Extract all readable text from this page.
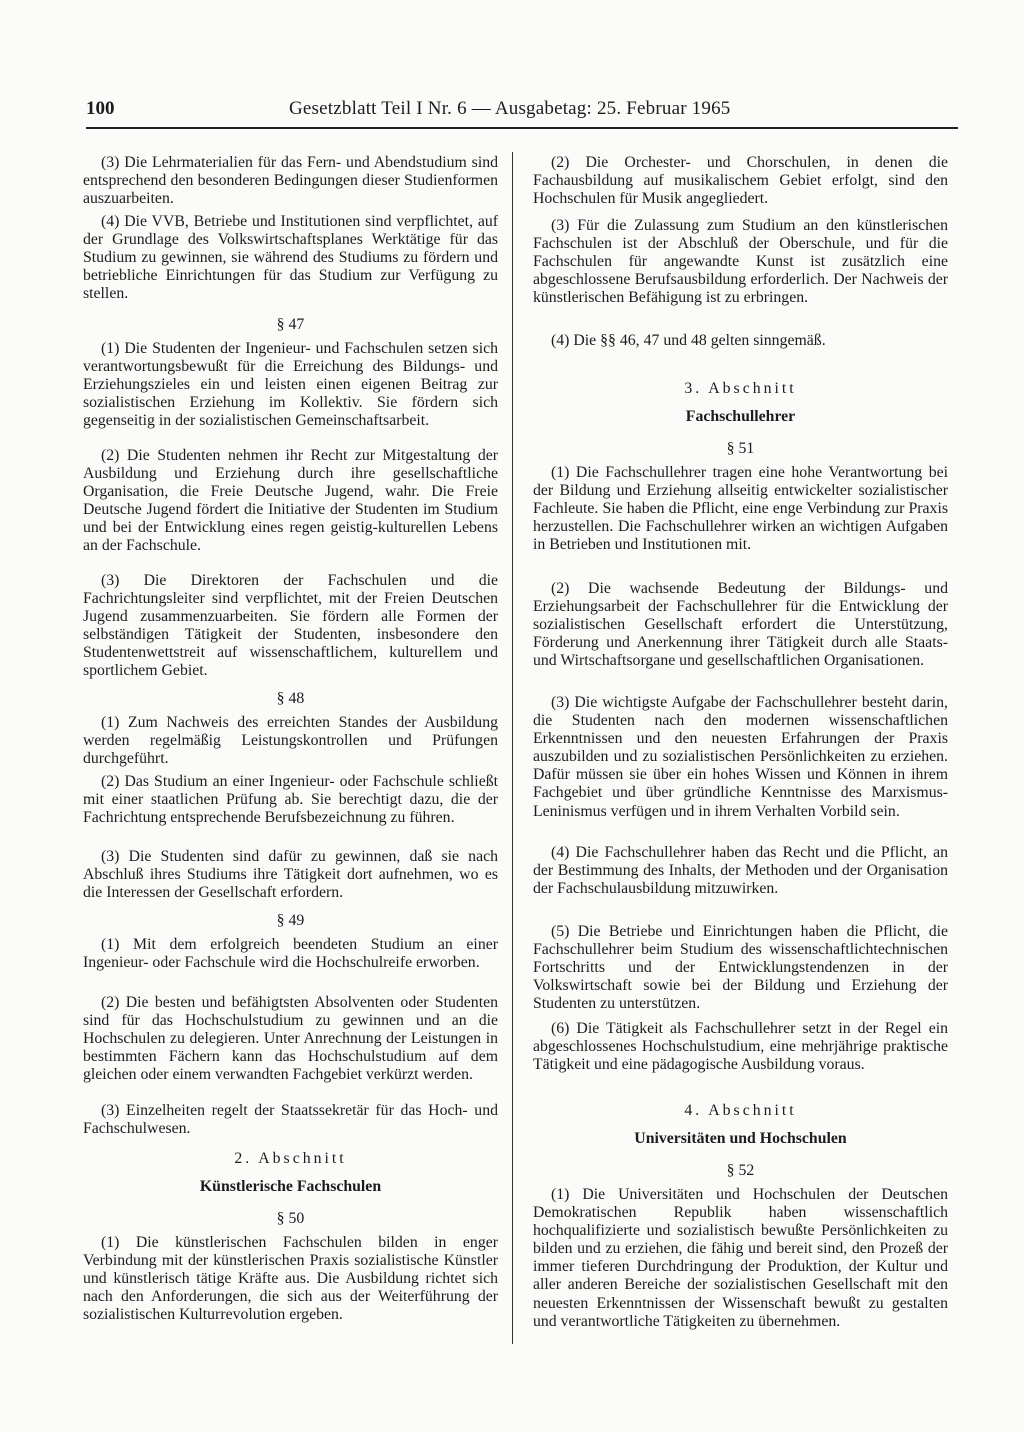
100	Gesetzblatt Teil I Nr. 6 — Ausgabetag: 25. Februar 1965
(3) Die Lehrmaterialien für das Fern- und Abendstudium sind entsprechend den besonderen Bedingungen dieser Studienformen auszuarbeiten.
(4) Die VVB, Betriebe und Institutionen sind verpflichtet, auf der Grundlage des Volkswirtschaftsplanes Werktätige für das Studium zu gewinnen, sie während des Studiums zu fördern und betriebliche Einrichtungen für das Studium zur Verfügung zu stellen.
§ 47
(1) Die Studenten der Ingenieur- und Fachschulen setzen sich verantwortungsbewußt für die Erreichung des Bildungs- und Erziehungszieles ein und leisten einen eigenen Beitrag zur sozialistischen Erziehung im Kollektiv. Sie fördern sich gegenseitig in der sozialistischen Gemeinschaftsarbeit.
(2) Die Studenten nehmen ihr Recht zur Mitgestaltung der Ausbildung und Erziehung durch ihre gesellschaftliche Organisation, die Freie Deutsche Jugend, wahr. Die Freie Deutsche Jugend fördert die Initiative der Studenten im Studium und bei der Entwicklung eines regen geistig-kulturellen Lebens an der Fachschule.
(3) Die Direktoren der Fachschulen und die Fachrichtungsleiter sind verpflichtet, mit der Freien Deutschen Jugend zusammenzuarbeiten. Sie fördern alle Formen der selbständigen Tätigkeit der Studenten, insbesondere den Studentenwettstreit auf wissenschaftlichem, kulturellem und sportlichem Gebiet.
§ 48
(1) Zum Nachweis des erreichten Standes der Ausbildung werden regelmäßig Leistungskontrollen und Prüfungen durchgeführt.
(2) Das Studium an einer Ingenieur- oder Fachschule schließt mit einer staatlichen Prüfung ab. Sie berechtigt dazu, die der Fachrichtung entsprechende Berufsbezeichnung zu führen.
(3) Die Studenten sind dafür zu gewinnen, daß sie nach Abschluß ihres Studiums ihre Tätigkeit dort aufnehmen, wo es die Interessen der Gesellschaft erfordern.
§ 49
(1) Mit dem erfolgreich beendeten Studium an einer Ingenieur- oder Fachschule wird die Hochschulreife erworben.
(2) Die besten und befähigtsten Absolventen oder Studenten sind für das Hochschulstudium zu gewinnen und an die Hochschulen zu delegieren. Unter Anrechnung der Leistungen in bestimmten Fächern kann das Hochschulstudium auf dem gleichen oder einem verwandten Fachgebiet verkürzt werden.
(3) Einzelheiten regelt der Staatssekretär für das Hoch- und Fachschulwesen.
2. Abschnitt
Künstlerische Fachschulen
§ 50
(1) Die künstlerischen Fachschulen bilden in enger Verbindung mit der künstlerischen Praxis sozialistische Künstler und künstlerisch tätige Kräfte aus. Die Ausbildung richtet sich nach den Anforderungen, die sich aus der Weiterführung der sozialistischen Kulturrevolution ergeben.
(2) Die Orchester- und Chorschulen, in denen die Fachausbildung auf musikalischem Gebiet erfolgt, sind den Hochschulen für Musik angegliedert.
(3) Für die Zulassung zum Studium an den künstlerischen Fachschulen ist der Abschluß der Oberschule, und für die Fachschulen für angewandte Kunst ist zusätzlich eine abgeschlossene Berufsausbildung erforderlich. Der Nachweis der künstlerischen Befähigung ist zu erbringen.
(4) Die §§ 46, 47 und 48 gelten sinngemäß.
3. Abschnitt
Fachschullehrer
§ 51
(1) Die Fachschullehrer tragen eine hohe Verantwortung bei der Bildung und Erziehung allseitig entwickelter sozialistischer Fachleute. Sie haben die Pflicht, eine enge Verbindung zur Praxis herzustellen. Die Fachschullehrer wirken an wichtigen Aufgaben in Betrieben und Institutionen mit.
(2) Die wachsende Bedeutung der Bildungs- und Erziehungsarbeit der Fachschullehrer für die Entwicklung der sozialistischen Gesellschaft erfordert die Unterstützung, Förderung und Anerkennung ihrer Tätigkeit durch alle Staats- und Wirtschaftsorgane und gesellschaftlichen Organisationen.
(3) Die wichtigste Aufgabe der Fachschullehrer besteht darin, die Studenten nach den modernen wissenschaftlichen Erkenntnissen und den neuesten Erfahrungen der Praxis auszubilden und zu sozialistischen Persönlichkeiten zu erziehen. Dafür müssen sie über ein hohes Wissen und Können in ihrem Fachgebiet und über gründliche Kenntnisse des Marxismus-Leninismus verfügen und in ihrem Verhalten Vorbild sein.
(4) Die Fachschullehrer haben das Recht und die Pflicht, an der Bestimmung des Inhalts, der Methoden und der Organisation der Fachschulausbildung mitzuwirken.
(5) Die Betriebe und Einrichtungen haben die Pflicht, die Fachschullehrer beim Studium des wissenschaftlichtechnischen Fortschritts und der Entwicklungstendenzen in der Volkswirtschaft sowie bei der Bildung und Erziehung der Studenten zu unterstützen.
(6) Die Tätigkeit als Fachschullehrer setzt in der Regel ein abgeschlossenes Hochschulstudium, eine mehrjährige praktische Tätigkeit und eine pädagogische Ausbildung voraus.
4. Abschnitt
Universitäten und Hochschulen
§ 52
(1) Die Universitäten und Hochschulen der Deutschen Demokratischen Republik haben wissenschaftlich hochqualifizierte und sozialistisch bewußte Persönlichkeiten zu bilden und zu erziehen, die fähig und bereit sind, den Prozeß der immer tieferen Durchdringung der Produktion, der Kultur und aller anderen Bereiche der sozialistischen Gesellschaft mit den neuesten Erkenntnissen der Wissenschaft bewußt zu gestalten und verantwortliche Tätigkeiten zu übernehmen.
